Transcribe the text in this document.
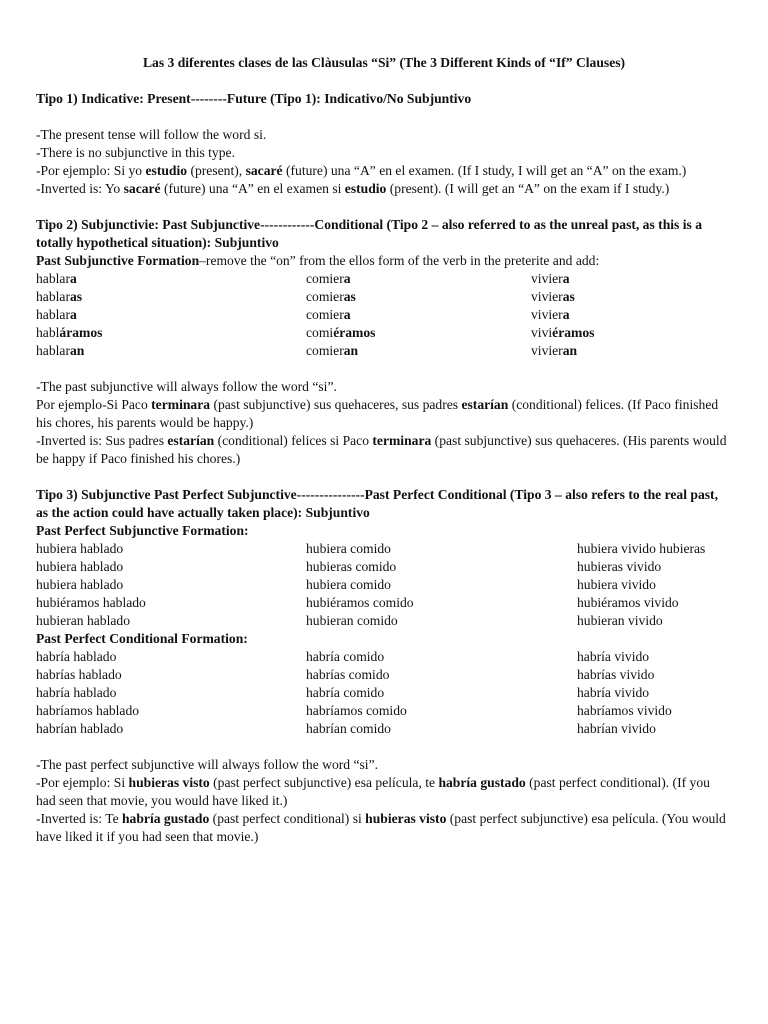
Las 3 diferentes clases de las Clàusulas “Si” (The 3 Different Kinds of “If” Clauses)

Tipo 1) Indicative: Present--------Future (Tipo 1): Indicativo/No Subjuntivo

-The present tense will follow the word si.

-There is no subjunctive in this type.

-Por ejemplo: Si yo estudio (present), sacaré (future) una “A” en el examen. (If I study, I will get an “A” on the exam.)

-Inverted is: Yo sacaré (future) una “A” en el examen si estudio (present). (I will get an “A” on the exam if I study.)

Tipo 2) Subjunctivie: Past Subjunctive------------Conditional (Tipo 2 – also referred to as the unreal past, as this is a totally hypothetical situation): Subjuntivo

Past Subjunctive Formation–remove the “on” from the ellos form of the verb in the preterite and add:

hablara	comiera	viviera
hablaras	comieras	vivieras
hablara	comiera	viviera
habláramos	comiéramos	viviéramos
hablaran	comieran	vivieran

-The past subjunctive will always follow the word “si”.

Por ejemplo-Si Paco terminara (past subjunctive) sus quehaceres, sus padres estarían (conditional) felices. (If Paco finished his chores, his parents would be happy.)

-Inverted is: Sus padres estarían (conditional) felices si Paco terminara (past subjunctive) sus quehaceres. (His parents would be happy if Paco finished his chores.)

Tipo 3) Subjunctive Past Perfect Subjunctive---------------Past Perfect Conditional (Tipo 3 – also refers to the real past, as the action could have actually taken place): Subjuntivo

Past Perfect Subjunctive Formation:

hubiera hablado	hubiera comido	hubiera vivido hubieras
hubiera hablado	hubieras comido	hubieras vivido
hubiera hablado	hubiera comido	hubiera vivido
hubiéramos hablado	hubiéramos comido	hubiéramos vivido
hubieran hablado	hubieran comido	hubieran vivido

Past Perfect Conditional Formation:

habría hablado	habría comido	habría vivido
habrías hablado	habrías comido	habrías vivido
habría hablado	habría comido	habría vivido
habríamos hablado	habríamos comido	habríamos vivido
habrían hablado	habrían comido	habrían vivido

-The past perfect subjunctive will always follow the word “si”.

-Por ejemplo: Si hubieras visto (past perfect subjunctive) esa película, te habría gustado (past perfect conditional). (If you had seen that movie, you would have liked it.)

-Inverted is: Te habría gustado (past perfect conditional) si hubieras visto (past perfect subjunctive) esa película. (You would have liked it if you had seen that movie.)
